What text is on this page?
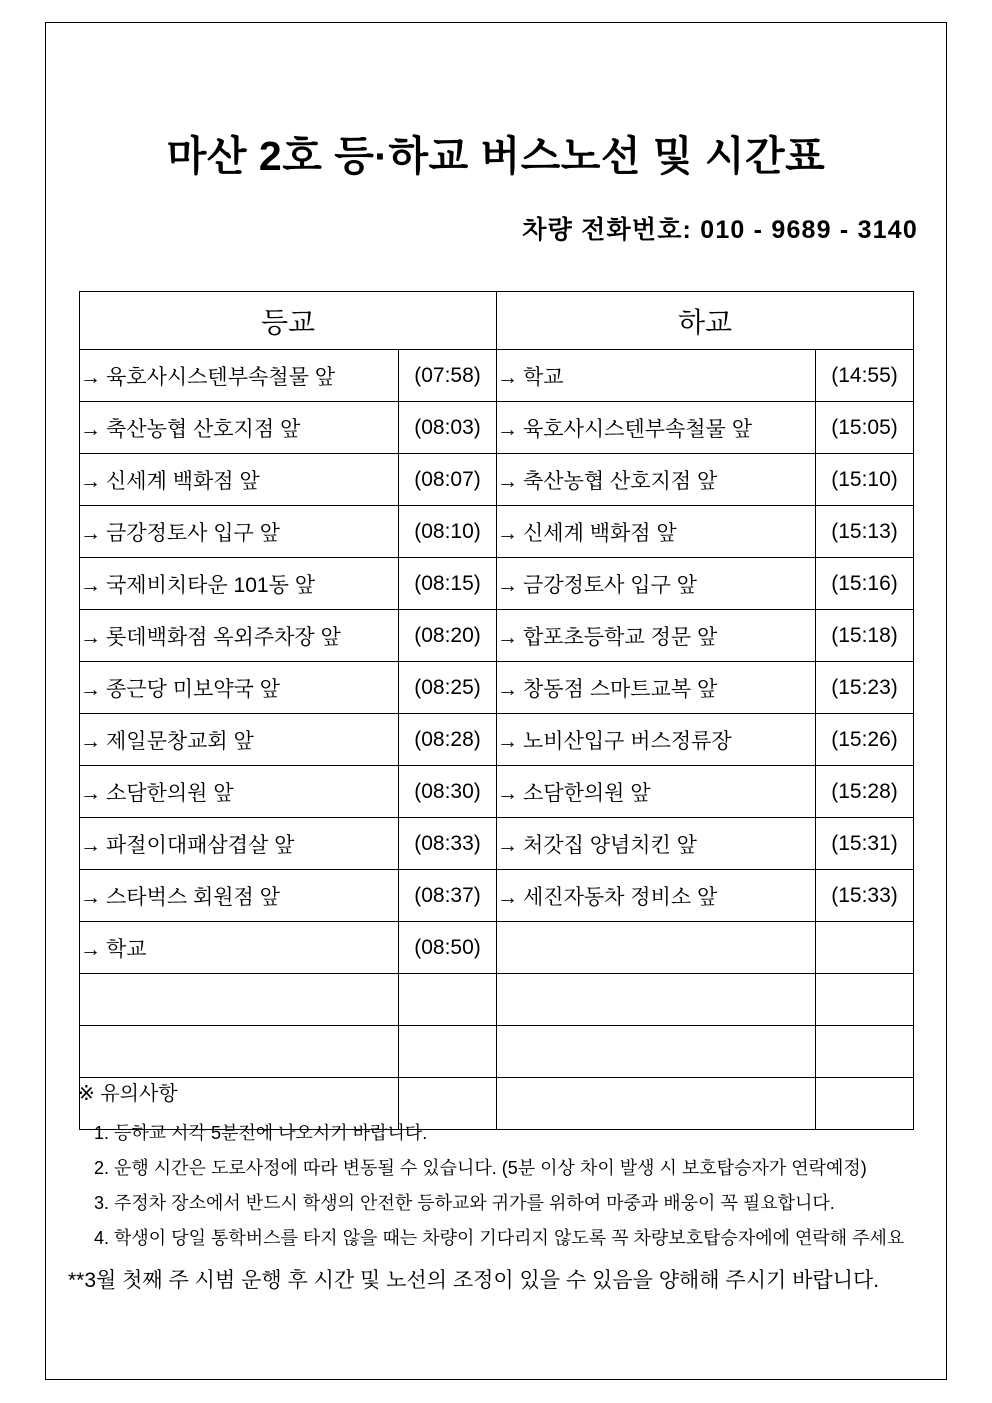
마산 2호 등·하교 버스노선 및 시간표
차량 전화번호: 010 - 9689 - 3140
등교		하교	
→ 육호사시스텐부속철물 앞	(07:58)	→ 학교	(14:55)
→ 축산농협 산호지점 앞	(08:03)	→ 육호사시스텐부속철물 앞	(15:05)
→ 신세계 백화점 앞	(08:07)	→ 축산농협 산호지점 앞	(15:10)
→ 금강정토사 입구 앞	(08:10)	→ 신세계 백화점 앞	(15:13)
→ 국제비치타운 101동 앞	(08:15)	→ 금강정토사 입구 앞	(15:16)
→ 롯데백화점 옥외주차장 앞	(08:20)	→ 합포초등학교 정문 앞	(15:18)
→ 종근당 미보약국 앞	(08:25)	→ 창동점 스마트교복 앞	(15:23)
→ 제일문창교회 앞	(08:28)	→ 노비산입구 버스정류장	(15:26)
→ 소담한의원 앞	(08:30)	→ 소담한의원 앞	(15:28)
→ 파절이대패삼겹살 앞	(08:33)	→ 처갓집 양념치킨 앞	(15:31)
→ 스타벅스 회원점 앞	(08:37)	→ 세진자동차 정비소 앞	(15:33)
→ 학교	(08:50)		

※ 유의사항
1. 등하교 시각 5분전에 나오시기 바랍니다.
2. 운행 시간은 도로사정에 따라 변동될 수 있습니다. (5분 이상 차이 발생 시 보호탑승자가 연락예정)
3. 주정차 장소에서 반드시 학생의 안전한 등하교와 귀가를 위하여 마중과 배웅이 꼭 필요합니다.
4. 학생이 당일 통학버스를 타지 않을 때는 차량이 기다리지 않도록 꼭 차량보호탑승자에에 연락해 주세요
**3월 첫째 주 시범 운행 후 시간 및 노선의 조정이 있을 수 있음을 양해해 주시기 바랍니다.
